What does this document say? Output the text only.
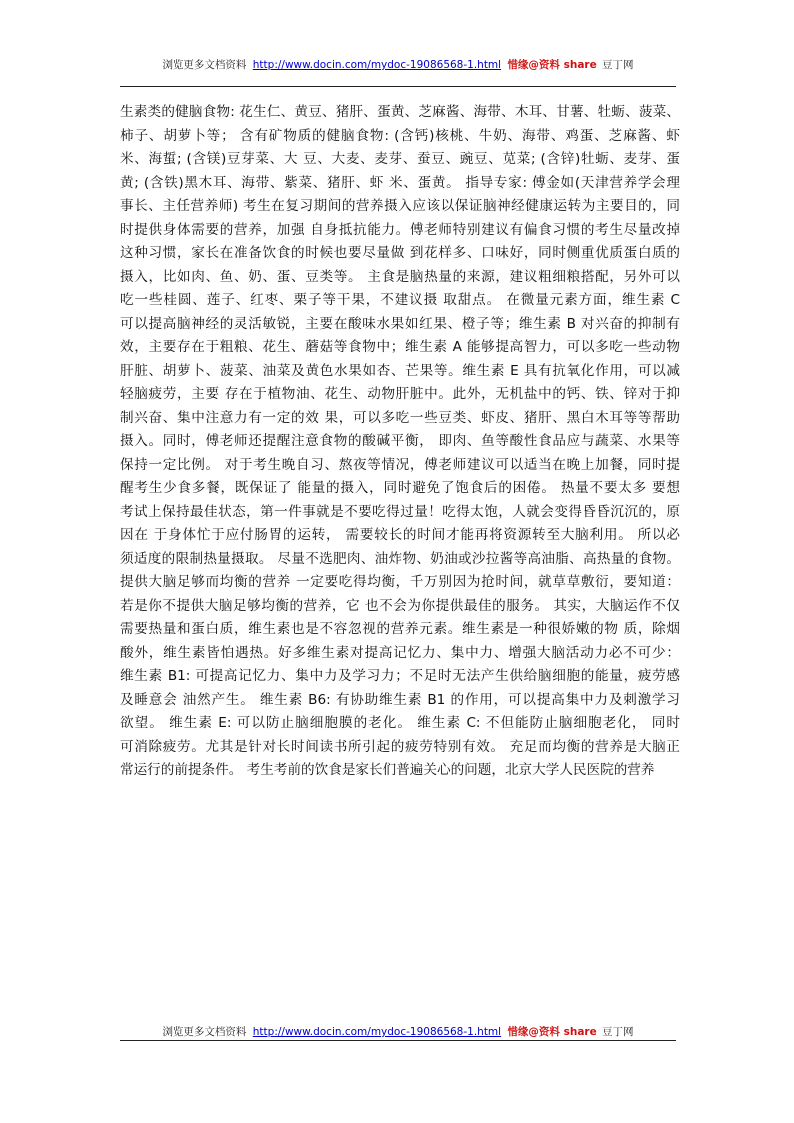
浏览更多文档资料 http://www.docin.com/mydoc-19086568-1.html 惜缘@资料 share 豆丁网
生素类的健脑食物: 花生仁、黄豆、猪肝、蛋黄、芝麻酱、海带、木耳、甘薯、牡蛎、菠菜、
柿子、胡萝卜等； 含有矿物质的健脑食物: (含钙)核桃、牛奶、海带、鸡蛋、芝麻酱、虾
米、海蜇; (含镁)豆芽菜、大 豆、大麦、麦芽、蚕豆、豌豆、苋菜; (含锌)牡蛎、麦芽、蛋
黄; (含铁)黑木耳、海带、紫菜、猪肝、虾 米、蛋黄。 指导专家: 傅金如(天津营养学会理
事长、主任营养师) 考生在复习期间的营养摄入应该以保证脑神经健康运转为主要目的，同
时提供身体需要的营养，加强 自身抵抗能力。傅老师特别建议有偏食习惯的考生尽量改掉
这种习惯，家长在准备饮食的时候也要尽量做 到花样多、口味好，同时侧重优质蛋白质的
摄入，比如肉、鱼、奶、蛋、豆类等。 主食是脑热量的来源，建议粗细粮搭配，另外可以
吃一些桂圆、莲子、红枣、栗子等干果，不建议摄 取甜点。 在微量元素方面，维生素 C
可以提高脑神经的灵活敏锐，主要在酸味水果如红果、橙子等；维生素 B 对兴奋的抑制有
效，主要存在于粗粮、花生、蘑菇等食物中；维生素 A 能够提高智力，可以多吃一些动物
肝脏、胡萝卜、菠菜、油菜及黄色水果如杏、芒果等。维生素 E 具有抗氧化作用，可以减
轻脑疲劳，主要 存在于植物油、花生、动物肝脏中。此外，无机盐中的钙、铁、锌对于抑
制兴奋、集中注意力有一定的效 果，可以多吃一些豆类、虾皮、猪肝、黑白木耳等等帮助
摄入。同时，傅老师还提醒注意食物的酸碱平衡， 即肉、鱼等酸性食品应与蔬菜、水果等
保持一定比例。 对于考生晚自习、熬夜等情况，傅老师建议可以适当在晚上加餐，同时提
醒考生少食多餐，既保证了 能量的摄入，同时避免了饱食后的困倦。 热量不要太多 要想
考试上保持最佳状态，第一件事就是不要吃得过量！吃得太饱，人就会变得昏昏沉沉的，原
因在 于身体忙于应付肠胃的运转， 需要较长的时间才能再将资源转至大脑利用。 所以必
须适度的限制热量摄取。 尽量不选肥肉、油炸物、奶油或沙拉酱等高油脂、高热量的食物。
提供大脑足够而均衡的营养 一定要吃得均衡，千万别因为抢时间，就草草敷衍，要知道：
若是你不提供大脑足够均衡的营养，它 也不会为你提供最佳的服务。 其实，大脑运作不仅
需要热量和蛋白质，维生素也是不容忽视的营养元素。维生素是一种很娇嫩的物 质，除烟
酸外，维生素皆怕遇热。好多维生素对提高记忆力、集中力、增强大脑活动力必不可少：
维生素 B1: 可提高记忆力、集中力及学习力；不足时无法产生供给脑细胞的能量，疲劳感
及睡意会 油然产生。 维生素 B6: 有协助维生素 B1 的作用，可以提高集中力及刺激学习
欲望。 维生素 E: 可以防止脑细胞膜的老化。 维生素 C: 不但能防止脑细胞老化， 同时
可消除疲劳。尤其是针对长时间读书所引起的疲劳特别有效。 充足而均衡的营养是大脑正
常运行的前提条件。 考生考前的饮食是家长们普遍关心的问题，北京大学人民医院的营养
浏览更多文档资料 http://www.docin.com/mydoc-19086568-1.html 惜缘@资料 share 豆丁网
